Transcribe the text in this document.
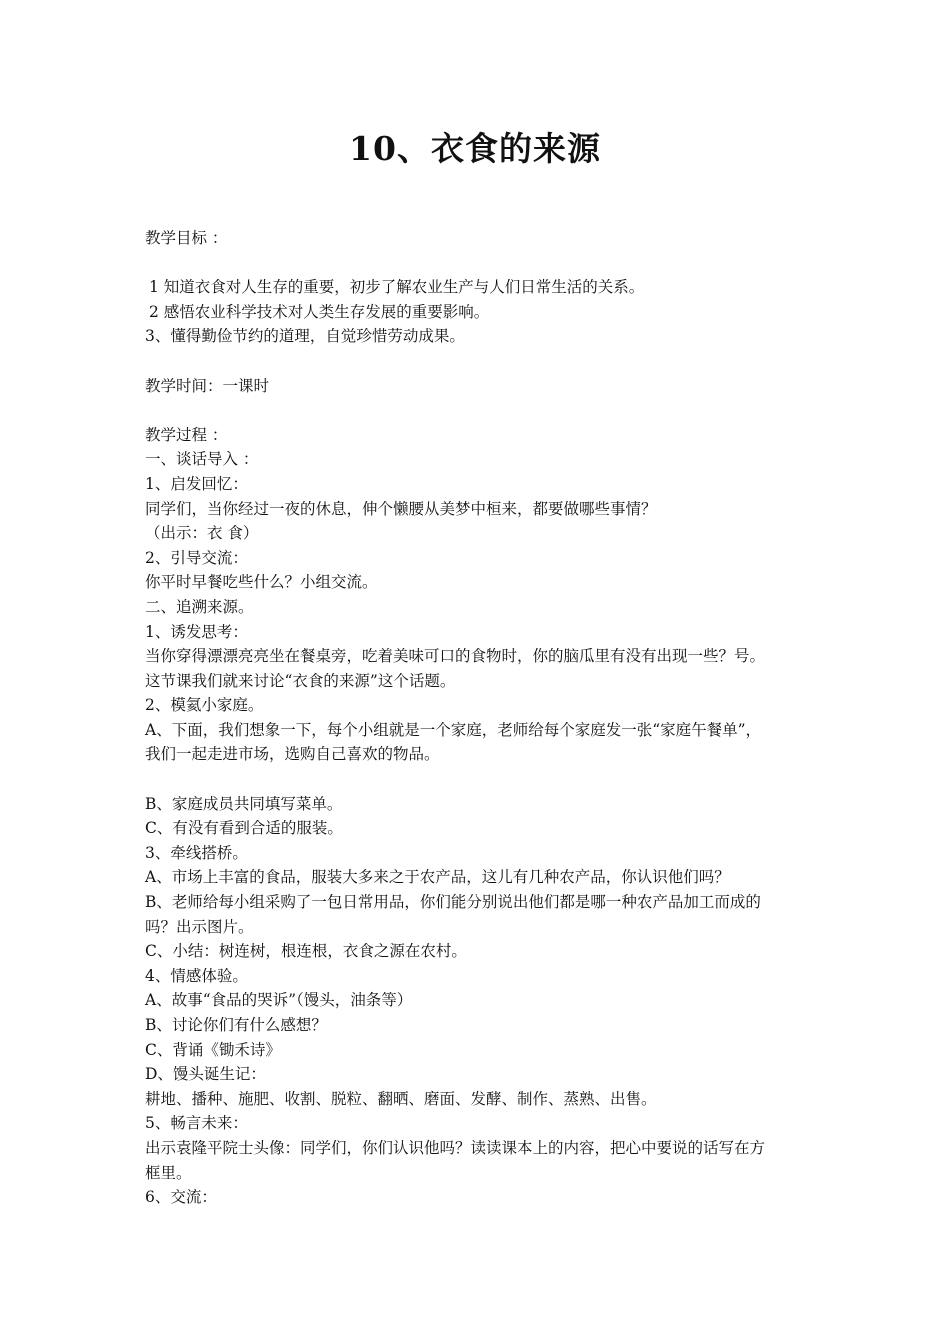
10、衣食的来源
教学目标 ：
1 知道衣食对人生存的重要，初步了解农业生产与人们日常生活的关系。
2 感悟农业科学技术对人类生存发展的重要影响。
3、懂得勤俭节约的道理，自觉珍惜劳动成果。
教学时间：一课时
教学过程 ：
一、谈话导入 ：
1、启发回忆：
同学们，当你经过一夜的休息，伸个懒腰从美梦中桓来，都要做哪些事情？
（出示：衣 食）
2、引导交流：
你平时早餐吃些什么？小组交流。
二、追溯来源。
1、诱发思考：
当你穿得漂漂亮亮坐在餐桌旁，吃着美味可口的食物时，你的脑瓜里有没有出现一些？号。
这节课我们就来讨论“衣食的来源”这个话题。
2、模氦小家庭。
A、下面，我们想象一下，每个小组就是一个家庭，老师给每个家庭发一张“家庭午餐单”，
我们一起走进市场，选购自己喜欢的物品。
B、家庭成员共同填写菜单。
C、有没有看到合适的服装。
3、牵线搭桥。
A、市场上丰富的食品，服装大多来之于农产品，这儿有几种农产品，你认识他们吗？
B、老师给每小组采购了一包日常用品，你们能分别说出他们都是哪一种农产品加工而成的
吗？出示图片。
C、小结：树连树，根连根，衣食之源在农村。
4、情感体验。
A、故事“食品的哭诉”（馒头，油条等）
B、讨论你们有什么感想？
C、背诵《锄禾诗》
D、馒头诞生记：
耕地、播种、施肥、收割、脱粒、翻晒、磨面、发酵、制作、蒸熟、出售。
5、畅言未来：
出示袁隆平院士头像：同学们，你们认识他吗？读读课本上的内容，把心中要说的话写在方
框里。
6、交流：
